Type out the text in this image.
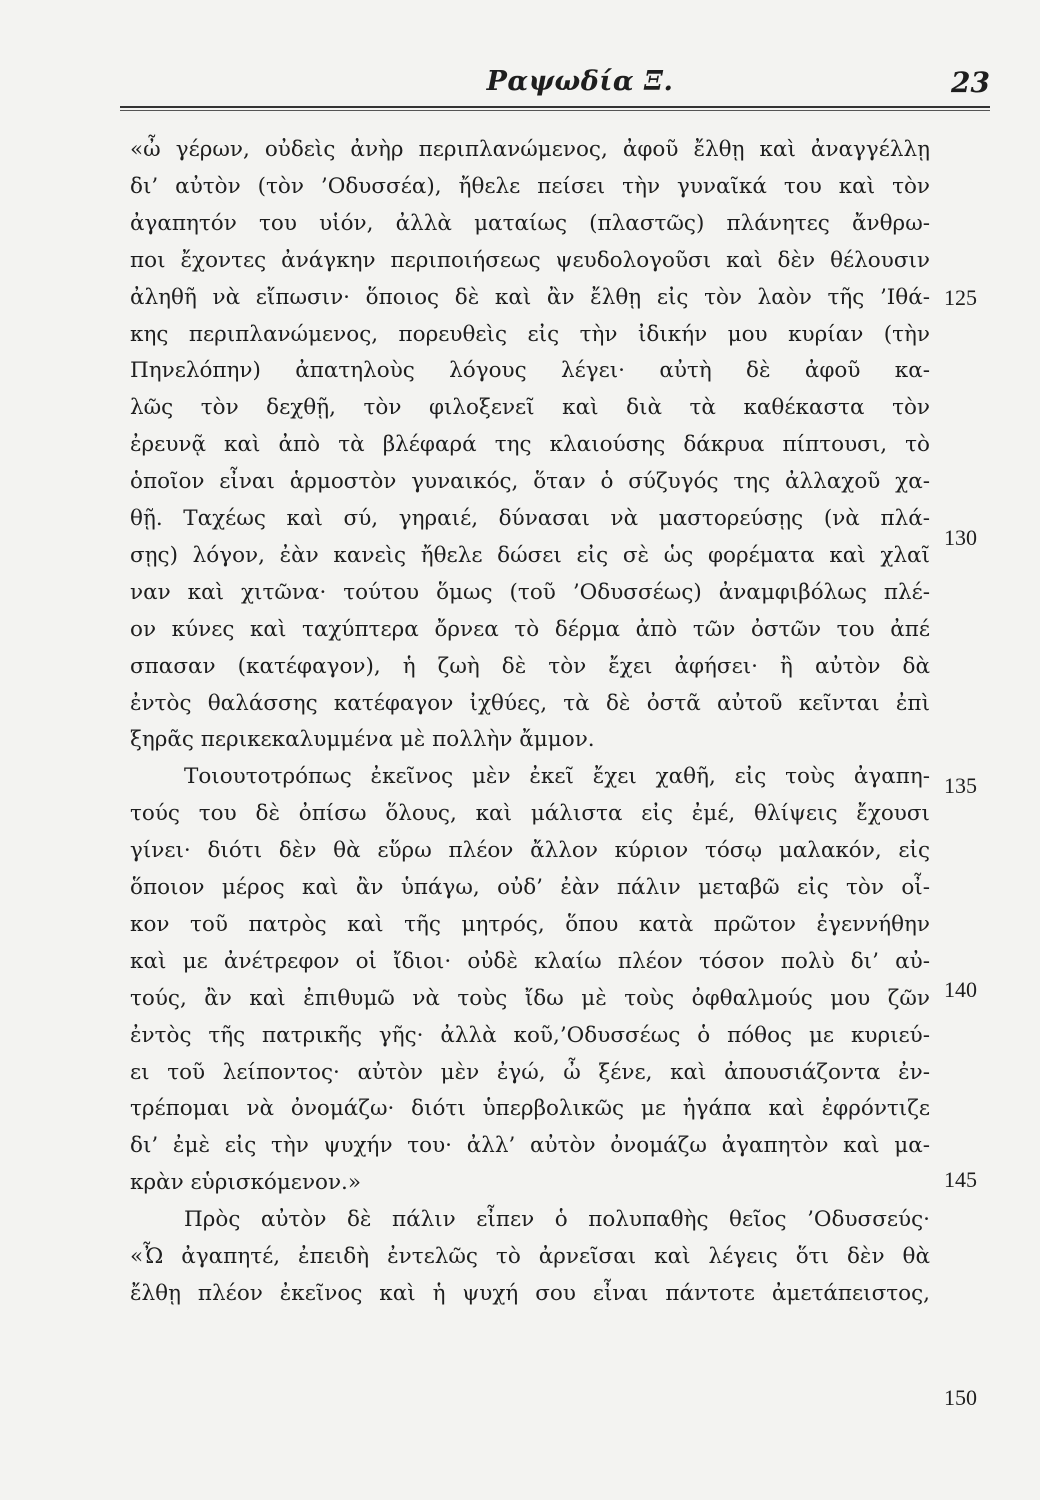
Ραψωδία Ξ.	23
«ὦ γέρων, οὐδεὶς ἀνὴρ περιπλανώμενος, ἀφοῦ ἔλθῃ καὶ ἀναγγέλλῃ
δι’ αὐτὸν (τὸν ’Οδυσσέα), ἤθελε πείσει τὴν γυναῖκά του καὶ τὸν
ἀγαπητόν του υἱόν, ἀλλὰ ματαίως (πλαστῶς) πλάνητες ἄνθρω-
ποι ἔχοντες ἀνάγκην περιποιήσεως ψευδολογοῦσι καὶ δὲν θέλουσιν
ἀληθῆ νὰ εἴπωσιν· ὅποιος δὲ καὶ ἂν ἔλθῃ εἰς τὸν λαὸν τῆς ’Ιθά-
κης περιπλανώμενος, πορευθεὶς εἰς τὴν ἰδικήν μου κυρίαν (τὴν
Πηνελόπην) ἀπατηλοὺς λόγους λέγει· αὐτὴ δὲ ἀφοῦ κα-
λῶς τὸν δεχθῇ, τὸν φιλοξενεῖ καὶ διὰ τὰ καθέκαστα τὸν
ἐρευνᾷ καὶ ἀπὸ τὰ βλέφαρά της κλαιούσης δάκρυα πίπτουσι, τὸ
ὁποῖον εἶναι ἁρμοστὸν γυναικός, ὅταν ὁ σύζυγός της ἀλλαχοῦ χα-
θῇ. Ταχέως καὶ σύ, γηραιέ, δύνασαι νὰ μαστορεύσῃς (νὰ πλά-
σῃς) λόγον, ἐὰν κανεὶς ἤθελε δώσει εἰς σὲ ὡς φορέματα καὶ χλαῖ
ναν καὶ χιτῶνα· τούτου ὅμως (τοῦ ’Οδυσσέως) ἀναμφιβόλως πλέ-
ον κύνες καὶ ταχύπτερα ὄρνεα τὸ δέρμα ἀπὸ τῶν ὀστῶν του ἀπέ
σπασαν (κατέφαγον), ἡ ζωὴ δὲ τὸν ἔχει ἀφήσει· ἢ αὐτὸν δὰ
ἐντὸς θαλάσσης κατέφαγον ἰχθύες, τὰ δὲ ὀστᾶ αὐτοῦ κεῖνται ἐπὶ
ξηρᾶς περικεκαλυμμένα μὲ πολλὴν ἄμμον.
Τοιουτοτρόπως ἐκεῖνος μὲν ἐκεῖ ἔχει χαθῆ, εἰς τοὺς ἀγαπη-
τούς του δὲ ὀπίσω ὅλους, καὶ μάλιστα εἰς ἐμέ, θλίψεις ἔχουσι
γίνει· διότι δὲν θὰ εὕρω πλέον ἄλλον κύριον τόσῳ μαλακόν, εἰς
ὅποιον μέρος καὶ ἂν ὑπάγω, οὐδ’ ἐὰν πάλιν μεταβῶ εἰς τὸν οἶ-
κον τοῦ πατρὸς καὶ τῆς μητρός, ὅπου κατὰ πρῶτον ἐγεννήθην
καὶ με ἀνέτρεφον οἱ ἴδιοι· οὐδὲ κλαίω πλέον τόσον πολὺ δι’ αὐ-
τούς, ἂν καὶ ἐπιθυμῶ νὰ τοὺς ἴδω μὲ τοὺς ὀφθαλμούς μου ζῶν
ἐντὸς τῆς πατρικῆς γῆς· ἀλλὰ κοῦ,’Οδυσσέως ὁ πόθος με κυριεύ-
ει τοῦ λείποντος· αὐτὸν μὲν ἐγώ, ὦ ξένε, καὶ ἀπουσιάζοντα ἐν-
τρέπομαι νὰ ὀνομάζω· διότι ὑπερβολικῶς με ἠγάπα καὶ ἐφρόντιζε
δι’ ἐμὲ εἰς τὴν ψυχήν του· ἀλλ’ αὐτὸν ὀνομάζω ἀγαπητὸν καὶ μα-
κρὰν εὑρισκόμενον.»
Πρὸς αὐτὸν δὲ πάλιν εἶπεν ὁ πολυπαθὴς θεῖος ’Οδυσσεύς·
«Ὦ ἀγαπητέ, ἐπειδὴ ἐντελῶς τὸ ἀρνεῖσαι καὶ λέγεις ὅτι δὲν θὰ
ἔλθῃ πλέον ἐκεῖνος καὶ ἡ ψυχή σου εἶναι πάντοτε ἀμετάπειστος,
125
130
135
140
145
150
